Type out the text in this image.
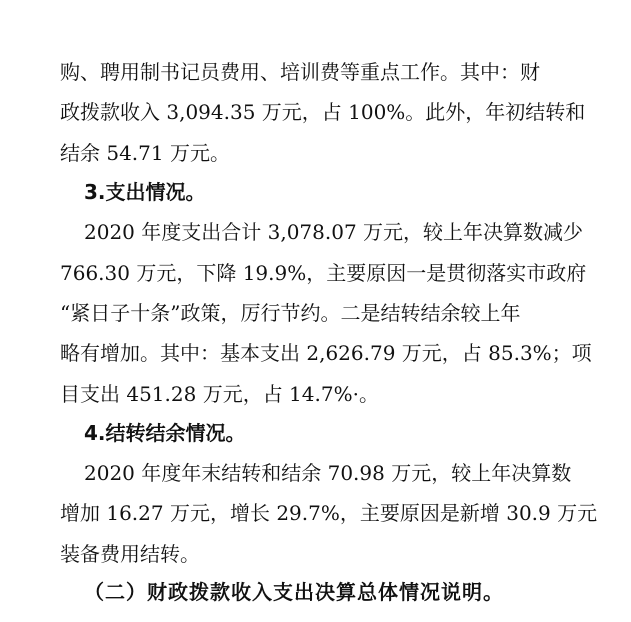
购、聘用制书记员费用、培训费等重点工作。其中：财
政拨款收入 3,094.35 万元，占 100%。此外，年初结转和
结余 54.71 万元。
3.支出情况。
2020 年度支出合计 3,078.07 万元，较上年决算数减少
766.30 万元，下降 19.9%，主要原因一是贯彻落实市政府
“紧日子十条”政策，厉行节约。二是结转结余较上年
略有增加。其中：基本支出 2,626.79 万元，占 85.3%；项
目支出 451.28 万元，占 14.7%·。
4.结转结余情况。
2020 年度年末结转和结余 70.98 万元，较上年决算数
增加 16.27 万元，增长 29.7%，主要原因是新增 30.9 万元
装备费用结转。
（二）财政拨款收入支出决算总体情况说明。
